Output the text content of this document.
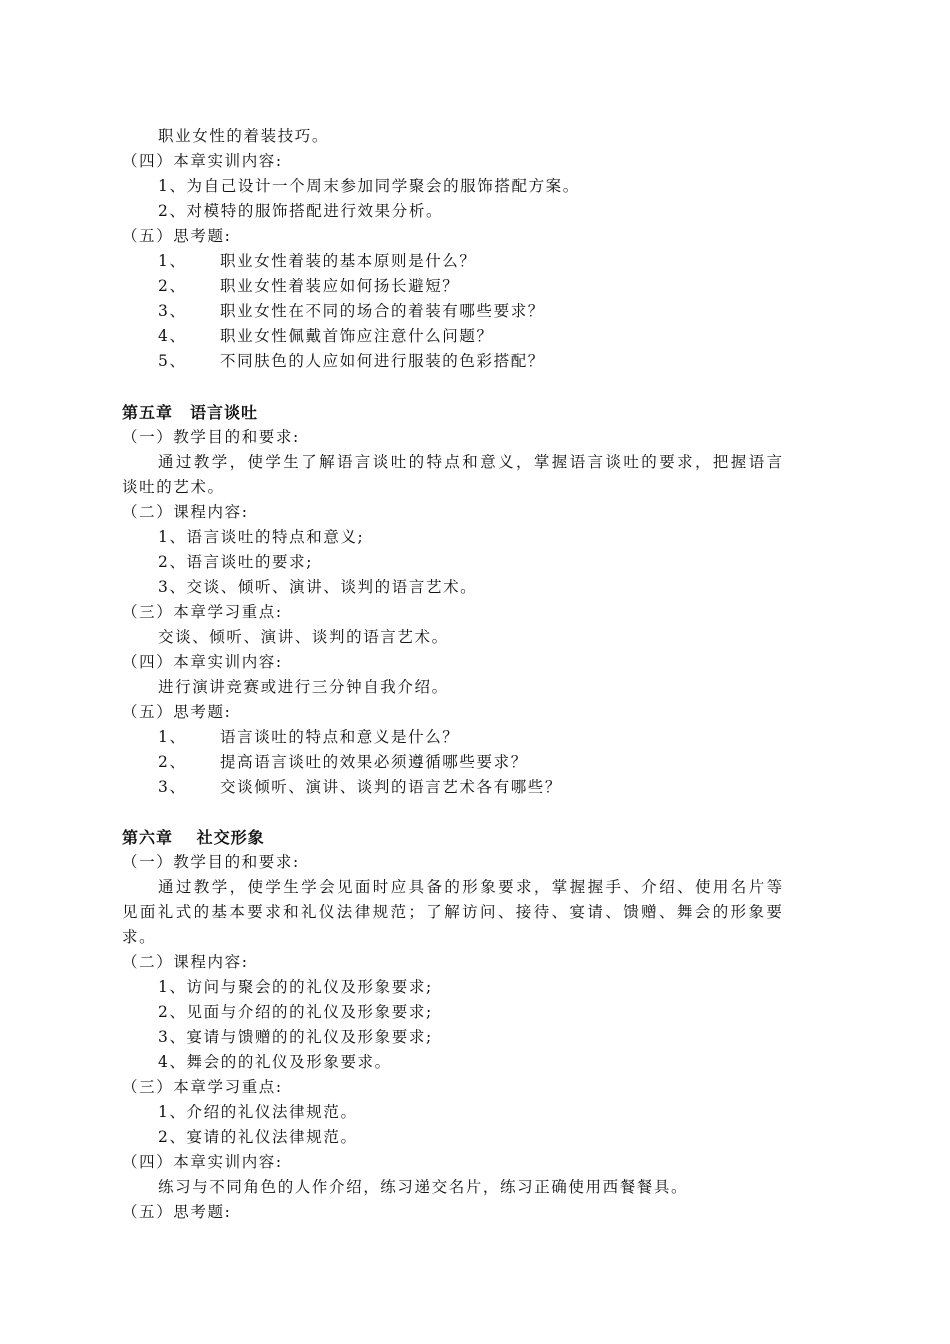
职业女性的着装技巧。
（四）本章实训内容:
1、为自己设计一个周末参加同学聚会的服饰搭配方案。
2、对模特的服饰搭配进行效果分析。
（五）思考题:
1、 职业女性着装的基本原则是什么？
2、 职业女性着装应如何扬长避短？
3、 职业女性在不同的场合的着装有哪些要求？
4、 职业女性佩戴首饰应注意什么问题？
5、 不同肤色的人应如何进行服装的色彩搭配？
第五章　语言谈吐
（一）教学目的和要求:
通过教学，使学生了解语言谈吐的特点和意义，掌握语言谈吐的要求，把握语言
谈吐的艺术。
（二）课程内容:
1、语言谈吐的特点和意义;
2、语言谈吐的要求;
3、交谈、倾听、演讲、谈判的语言艺术。
（三）本章学习重点:
交谈、倾听、演讲、谈判的语言艺术。
（四）本章实训内容:
进行演讲竞赛或进行三分钟自我介绍。
（五）思考题:
1、 语言谈吐的特点和意义是什么？
2、 提高语言谈吐的效果必须遵循哪些要求？
3、 交谈倾听、演讲、谈判的语言艺术各有哪些？
第六章　 社交形象
（一）教学目的和要求:
通过教学，使学生学会见面时应具备的形象要求，掌握握手、介绍、使用名片等
见面礼式的基本要求和礼仪法律规范；了解访问、接待、宴请、馈赠、舞会的形象要
求。
（二）课程内容:
1、访问与聚会的的礼仪及形象要求;
2、见面与介绍的的礼仪及形象要求;
3、宴请与馈赠的的礼仪及形象要求;
4、舞会的的礼仪及形象要求。
（三）本章学习重点:
1、介绍的礼仪法律规范。
2、宴请的礼仪法律规范。
（四）本章实训内容:
练习与不同角色的人作介绍，练习递交名片，练习正确使用西餐餐具。
（五）思考题:
